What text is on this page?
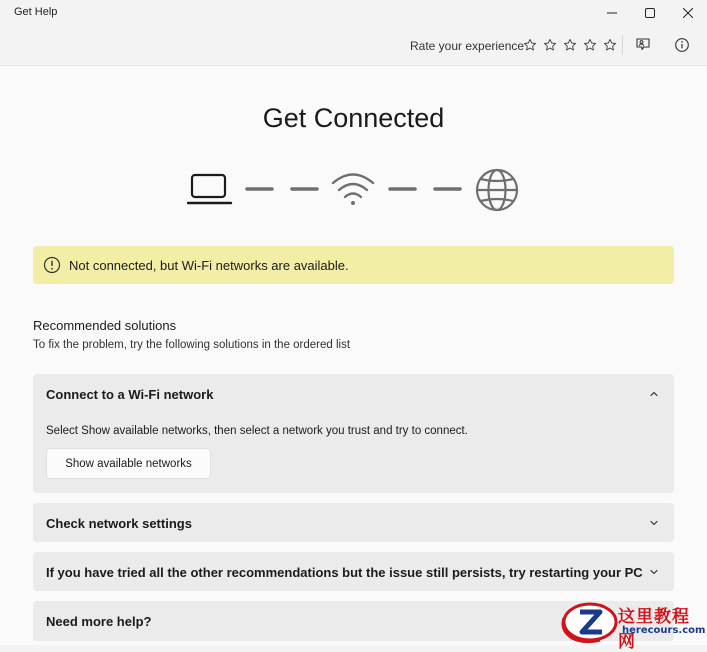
Get Help
Rate your experience
Get Connected
Not connected, but Wi-Fi networks are available.
Recommended solutions
To fix the problem, try the following solutions in the ordered list
Connect to a Wi-Fi network
Select Show available networks, then select a network you trust and try to connect.
Show available networks
Check network settings
If you have tried all the other recommendations but the issue still persists, try restarting your PC
Need more help?	这里教程网
herecours.com
